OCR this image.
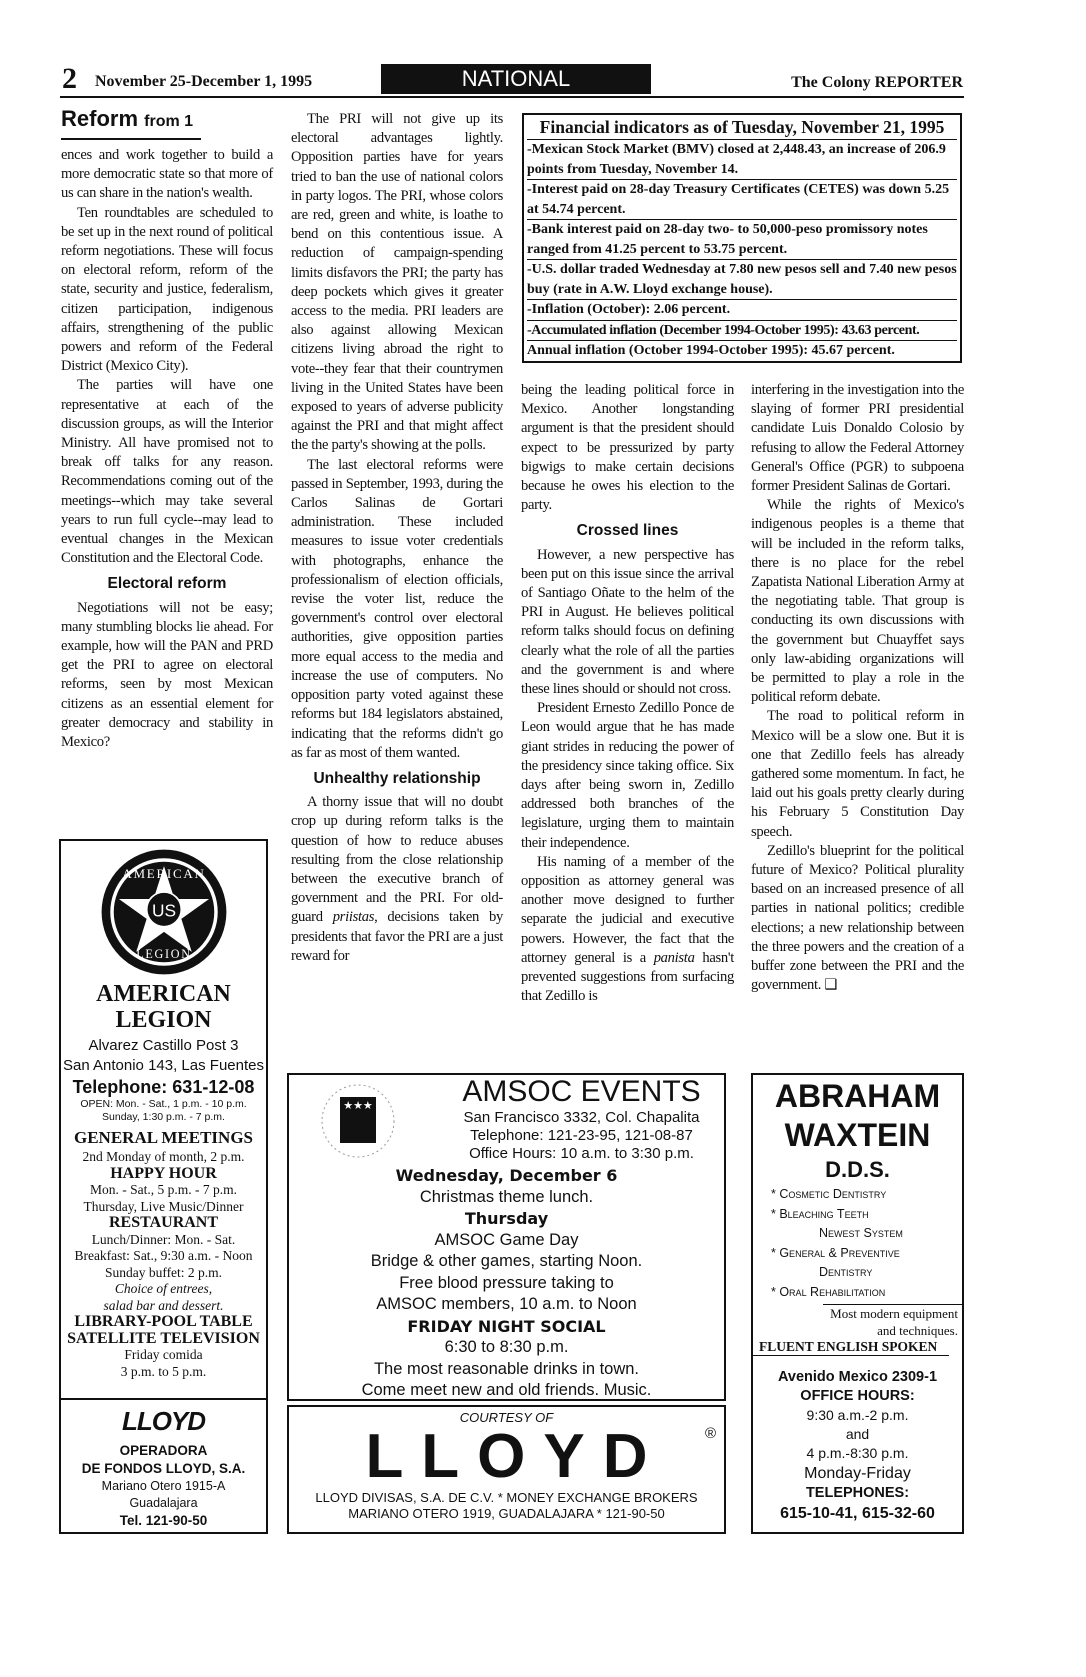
2 November 25-December 1, 1995	NATIONAL	The Colony REPORTER
Reform from 1

ences and work together to build a more democratic state so that more of us can share in the nation's wealth.

Ten roundtables are scheduled to be set up in the next round of political reform negotiations. These will focus on electoral reform, reform of the state, security and justice, federalism, citizen participation, indigenous affairs, strengthening of the public powers and reform of the Federal District (Mexico City).

The parties will have one representative at each of the discussion groups, as will the Interior Ministry. All have promised not to break off talks for any reason. Recommendations coming out of the meetings--which may take several years to run full cycle--may lead to eventual changes in the Mexican Constitution and the Electoral Code.

Electoral reform

Negotiations will not be easy; many stumbling blocks lie ahead. For example, how will the PAN and PRD get the PRI to agree on electoral reforms, seen by most Mexican citizens as an essential element for greater democracy and stability in Mexico?

The PRI will not give up its electoral advantages lightly. Opposition parties have for years tried to ban the use of national colors in party logos. The PRI, whose colors are red, green and white, is loathe to bend on this contentious issue. A reduction of campaign-spending limits disfavors the PRI; the party has deep pockets which gives it greater access to the media. PRI leaders are also against allowing Mexican citizens living abroad the right to vote--they fear that their countrymen living in the United States have been exposed to years of adverse publicity against the PRI and that might affect the the party's showing at the polls.

The last electoral reforms were passed in September, 1993, during the Carlos Salinas de Gortari administration. These included measures to issue voter credentials with photographs, enhance the professionalism of election officials, revise the voter list, reduce the government's control over electoral authorities, give opposition parties more equal access to the media and increase the use of computers. No opposition party voted against these reforms but 184 legislators abstained, indicating that the reforms didn't go as far as most of them wanted.

Unhealthy relationship

A thorny issue that will no doubt crop up during reform talks is the question of how to reduce abuses resulting from the close relationship between the executive branch of government and the PRI. For old-guard priistas, decisions taken by presidents that favor the PRI are a just reward for

Financial indicators as of Tuesday, November 21, 1995
-Mexican Stock Market (BMV) closed at 2,448.43, an increase of 206.9 points from Tuesday, November 14.
-Interest paid on 28-day Treasury Certificates (CETES) was down 5.25 at 54.74 percent.
-Bank interest paid on 28-day two- to 50,000-peso promissory notes ranged from 41.25 percent to 53.75 percent.
-U.S. dollar traded Wednesday at 7.80 new pesos sell and 7.40 new pesos buy (rate in A.W. Lloyd exchange house).
-Inflation (October): 2.06 percent.
-Accumulated inflation (December 1994-October 1995): 43.63 percent.
Annual inflation (October 1994-October 1995): 45.67 percent.

being the leading political force in Mexico. Another longstanding argument is that the president should expect to be pressurized by party bigwigs to make certain decisions because he owes his election to the party.

Crossed lines

However, a new perspective has been put on this issue since the arrival of Santiago Oñate to the helm of the PRI in August. He believes political reform talks should focus on defining clearly what the role of all the parties and the government is and where these lines should or should not cross.

President Ernesto Zedillo Ponce de Leon would argue that he has made giant strides in reducing the power of the presidency since taking office. Six days after being sworn in, Zedillo addressed both branches of the legislature, urging them to maintain their independence.

His naming of a member of the opposition as attorney general was another move designed to further separate the judicial and executive powers. However, the fact that the attorney general is a panista hasn't prevented suggestions from surfacing that Zedillo is

interfering in the investigation into the slaying of former PRI presidential candidate Luis Donaldo Colosio by refusing to allow the Federal Attorney General's Office (PGR) to subpoena former President Salinas de Gortari.

While the rights of Mexico's indigenous peoples is a theme that will be included in the reform talks, there is no place for the rebel Zapatista National Liberation Army at the negotiating table. That group is conducting its own discussions with the government but Chuayffet says only law-abiding organizations will be permitted to play a role in the political reform debate.

The road to political reform in Mexico will be a slow one. But it is one that Zedillo feels has already gathered some momentum. In fact, he laid out his goals pretty clearly during his February 5 Constitution Day speech.

Zedillo's blueprint for the political future of Mexico? Political plurality based on an increased presence of all parties in national politics; credible elections; a new relationship between the three powers and the creation of a buffer zone between the PRI and the government. ❑

US
AMERICAN
LEGION
AMERICAN
LEGION
Alvarez Castillo Post 3
San Antonio 143, Las Fuentes
Telephone: 631-12-08
OPEN: Mon. - Sat., 1 p.m. - 10 p.m.
Sunday, 1:30 p.m. - 7 p.m.
GENERAL MEETINGS
2nd Monday of month, 2 p.m.
HAPPY HOUR
Mon. - Sat., 5 p.m. - 7 p.m.
Thursday, Live Music/Dinner
RESTAURANT
Lunch/Dinner: Mon. - Sat.
Breakfast: Sat., 9:30 a.m. - Noon
Sunday buffet: 2 p.m.
Choice of entrees,
salad bar and dessert.
LIBRARY-POOL TABLE
SATELLITE TELEVISION
Friday comida
3 p.m. to 5 p.m.
LLOYD
OPERADORA
DE FONDOS LLOYD, S.A.
Mariano Otero 1915-A
Guadalajara
Tel. 121-90-50
★★★	AMSOC EVENTS
San Francisco 3332, Col. Chapalita
Telephone: 121-23-95, 121-08-87
Office Hours: 10 a.m. to 3:30 p.m.
Wednesday, December 6
Christmas theme lunch.
Thursday
AMSOC Game Day
Bridge & other games, starting Noon.
Free blood pressure taking to
AMSOC members, 10 a.m. to Noon
FRIDAY NIGHT SOCIAL
6:30 to 8:30 p.m.
The most reasonable drinks in town.
Come meet new and old friends. Music.
COURTESY OF
LLOYD	®
LLOYD DIVISAS, S.A. DE C.V. * MONEY EXCHANGE BROKERS
MARIANO OTERO 1919, GUADALAJARA * 121-90-50
ABRAHAM
WAXTEIN
D.D.S.
* Cosmetic Dentistry
* Bleaching Teeth
Newest System
* General & Preventive
Dentistry
* Oral Rehabilitation
Most modern equipment
and techniques.
FLUENT ENGLISH SPOKEN
Avenido Mexico 2309-1
OFFICE HOURS:
9:30 a.m.-2 p.m.
and
4 p.m.-8:30 p.m.
Monday-Friday
TELEPHONES:
615-10-41, 615-32-60
